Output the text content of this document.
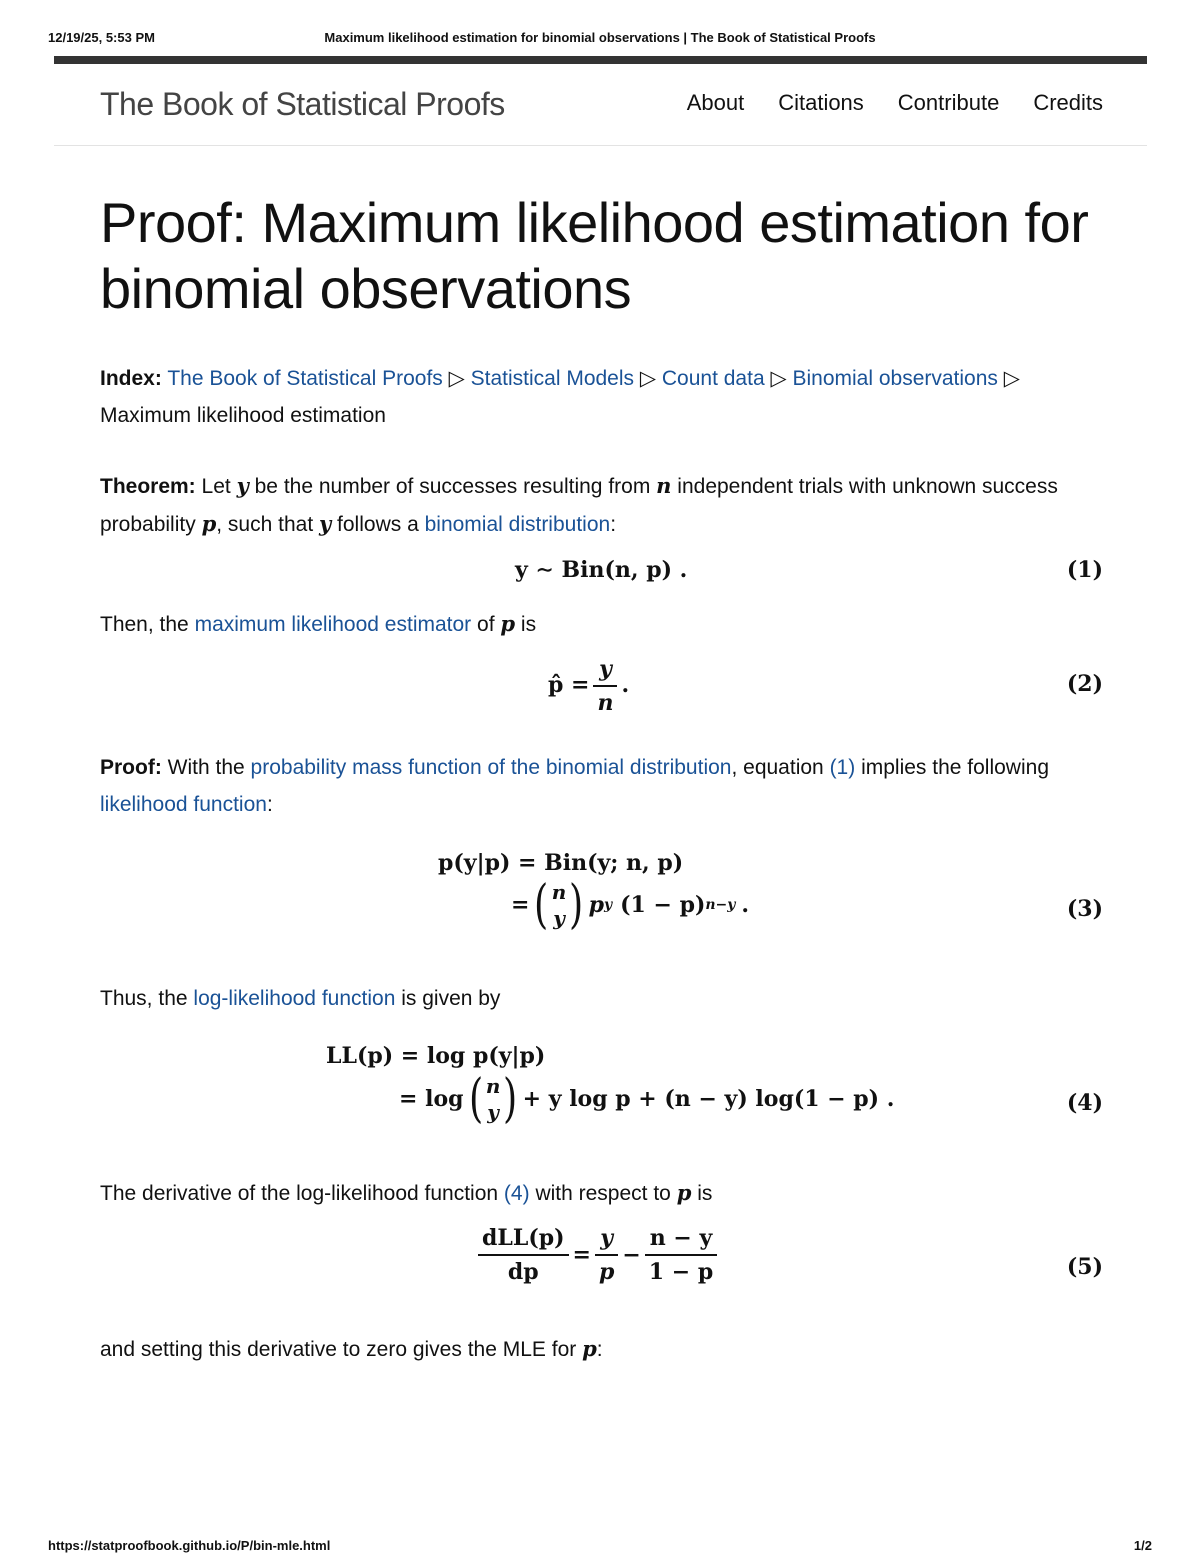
12/19/25, 5:53 PM	Maximum likelihood estimation for binomial observations | The Book of Statistical Proofs
The Book of Statistical Proofs	About Citations Contribute Credits
Proof: Maximum likelihood estimation for binomial observations

Index: The Book of Statistical Proofs ▷ Statistical Models ▷ Count data ▷ Binomial observations ▷ Maximum likelihood estimation

Theorem: Let y be the number of successes resulting from n independent trials with unknown success probability p, such that y follows a binomial distribution:

y ∼ Bin(n, p) .	(1)

Then, the maximum likelihood estimator of p is

p̂ = $\frac{y}{n}$ .	(2)

Proof: With the probability mass function of the binomial distribution, equation (1) implies the following likelihood function:

p(y|p) = Bin(y; n, p)
= ( n
y ) p y (1 − p) n−y .	(3)

Thus, the log-likelihood function is given by

LL(p) = log p(y|p)
= log ( n
y ) + y log p + (n − y) log(1 − p) .	(4)

The derivative of the log-likelihood function (4) with respect to p is

$\frac{\text{dLL(p)}}{dp} = \frac{y}{p} - \frac{n - y}{1 - p}$	(5)

and setting this derivative to zero gives the MLE for p:

https://statproofbook.github.io/P/bin-mle.html	1/2
